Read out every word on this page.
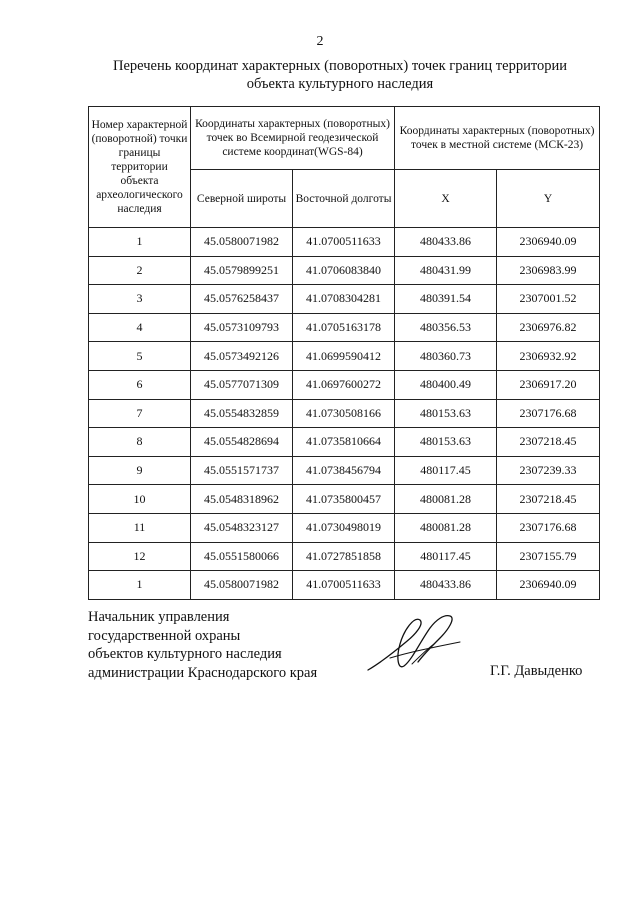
2
Перечень координат характерных (поворотных) точек границ территории
объекта культурного наследия
Номер характерной (поворотной) точки границы территории объекта археологического наследия	Координаты характерных (поворотных) точек во Всемирной геодезической системе координат(WGS-84)		Координаты характерных (поворотных) точек в местной системе (МСК-23)	
	Северной широты	Восточной долготы	X	Y
1	45.0580071982	41.0700511633	480433.86	2306940.09
2	45.0579899251	41.0706083840	480431.99	2306983.99
3	45.0576258437	41.0708304281	480391.54	2307001.52
4	45.0573109793	41.0705163178	480356.53	2306976.82
5	45.0573492126	41.0699590412	480360.73	2306932.92
6	45.0577071309	41.0697600272	480400.49	2306917.20
7	45.0554832859	41.0730508166	480153.63	2307176.68
8	45.0554828694	41.0735810664	480153.63	2307218.45
9	45.0551571737	41.0738456794	480117.45	2307239.33
10	45.0548318962	41.0735800457	480081.28	2307218.45
11	45.0548323127	41.0730498019	480081.28	2307176.68
12	45.0551580066	41.0727851858	480117.45	2307155.79
1	45.0580071982	41.0700511633	480433.86	2306940.09
Начальник управления
государственной охраны
объектов культурного наследия
администрации Краснодарского края	Г.Г. Давыденко
